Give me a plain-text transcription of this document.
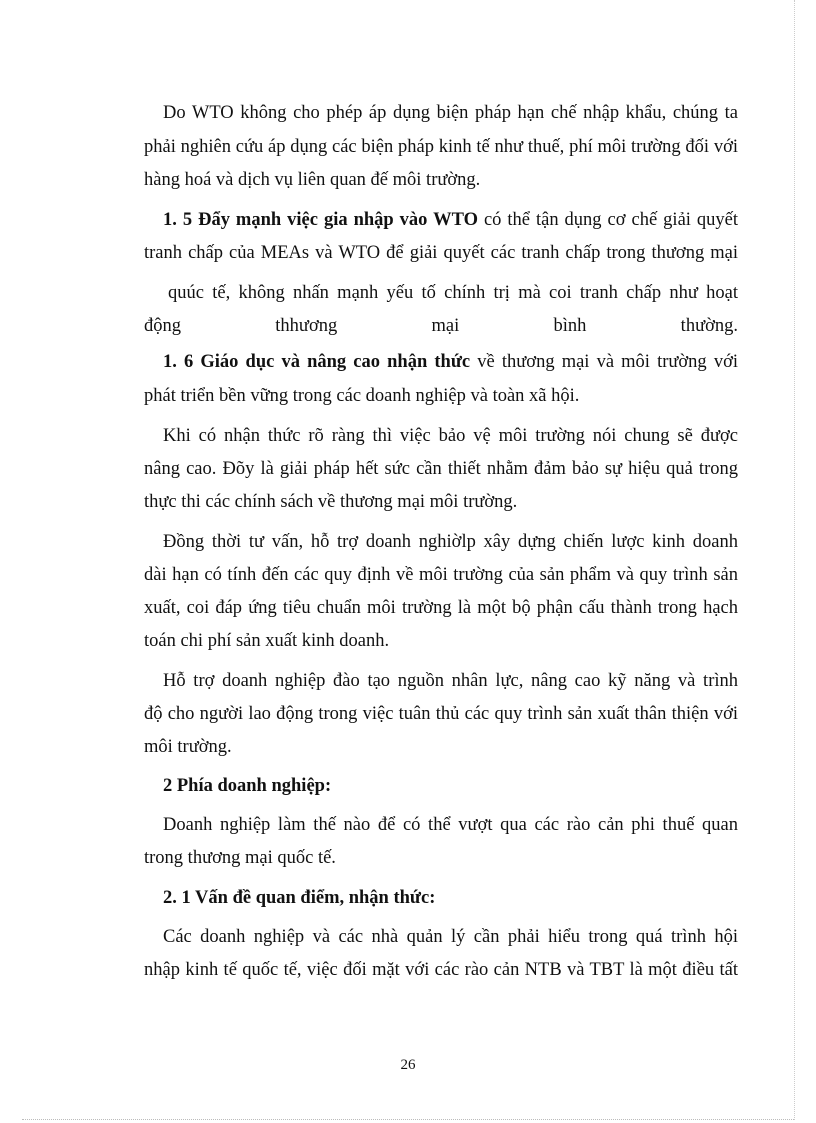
Do WTO không cho phép áp dụng biện pháp hạn chế nhập khẩu, chúng ta
phải nghiên cứu áp dụng các biện pháp kinh tế như thuế, phí môi trường đối với
hàng hoá và dịch vụ liên quan đế môi trường.
1. 5 Đẩy mạnh việc gia nhập vào WTO có thể tận dụng cơ chế giải quyết
tranh chấp của MEAs và WTO để giải quyết các tranh chấp trong thương mại
quúc tế, không nhấn mạnh yếu tố chính trị mà coi tranh chấp như hoạt
động thhương mại bình thường.
1. 6 Giáo dục và nâng cao nhận thức về thương mại và môi trường với
phát triển bền vững trong các doanh nghiệp và toàn xã hội.
Khi có nhận thức rõ ràng thì việc bảo vệ môi trường nói chung sẽ được
nâng cao. Đõy là giải pháp hết sức cần thiết nhằm đảm bảo sự hiệu quả trong
thực thi các chính sách về thương mại môi trường.
Đồng thời tư vấn, hỗ trợ doanh nghiờlp xây dựng chiến lược kinh doanh
dài hạn có tính đến các quy định về môi trường của sản phẩm và quy trình sản
xuất, coi đáp ứng tiêu chuẩn môi trường là một bộ phận cấu thành trong hạch
toán chi phí sản xuất kinh doanh.
Hỗ trợ doanh nghiệp đào tạo nguồn nhân lực, nâng cao kỹ năng và trình
độ cho người lao động trong việc tuân thủ các quy trình sản xuất thân thiện với
môi trường.
2 Phía doanh nghiệp:
Doanh nghiệp làm thế nào để có thể vượt qua các rào cản phi thuế quan
trong thương mại quốc tế.
2. 1 Vấn đề quan điểm, nhận thức:
Các doanh nghiệp và các nhà quản lý cần phải hiểu trong quá trình hội
nhập kinh tế quốc tế, việc đối mặt với các rào cản NTB và TBT là một điều tất
26
